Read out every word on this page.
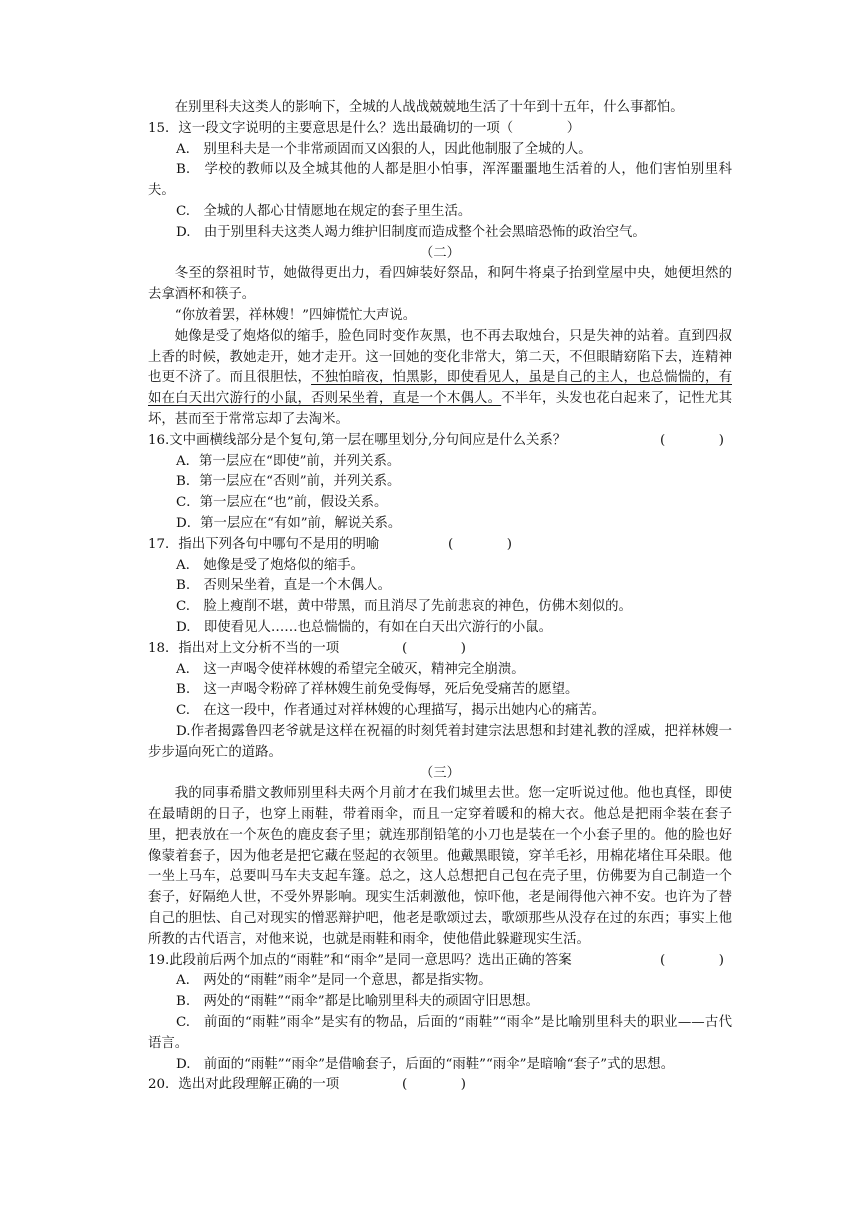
在别里科夫这类人的影响下，全城的人战战兢兢地生活了十年到十五年，什么事都怕。
15．这一段文字说明的主要意思是什么？选出最确切的一项（　　　　）
A.　别里科夫是一个非常顽固而又凶狠的人，因此他制服了全城的人。
B.　学校的教师以及全城其他的人都是胆小怕事，浑浑噩噩地生活着的人，他们害怕别里科夫。
C.　全城的人都心甘情愿地在规定的套子里生活。
D.　由于别里科夫这类人竭力维护旧制度而造成整个社会黑暗恐怖的政治空气。
（二）
冬至的祭祖时节，她做得更出力，看四婶装好祭品，和阿牛将桌子抬到堂屋中央，她便坦然的去拿酒杯和筷子。
“你放着罢，祥林嫂！”四婶慌忙大声说。
她像是受了炮烙似的缩手，脸色同时变作灰黑，也不再去取烛台，只是失神的站着。直到四叔上香的时候，教她走开，她才走开。这一回她的变化非常大，第二天，不但眼睛窈陷下去，连精神也更不济了。而且很胆怯，不独怕暗夜，怕黑影，即使看见人，虽是自己的主人，也总惴惴的，有如在白天出穴游行的小鼠，否则呆坐着，直是一个木偶人。不半年，头发也花白起来了，记性尤其坏，甚而至于常常忘却了去淘米。
16.文中画横线部分是个复句,第一层在哪里划分,分句间应是什么关系？	(　　　　)
A．第一层应在“即使”前，并列关系。
B．第一层应在“否则”前，并列关系。
C．第一层应在“也”前，假设关系。
D．第一层应在“有如”前，解说关系。
17．指出下列各句中哪句不是用的明喻	(　　　　)
A.　她像是受了炮烙似的缩手。
B.　否则呆坐着，直是一个木偶人。
C.　脸上瘦削不堪，黄中带黑，而且消尽了先前悲哀的神色，仿佛木刻似的。
D.　即使看见人……也总惴惴的，有如在白天出穴游行的小鼠。
18．指出对上文分析不当的一项	(　　　　)
A.　这一声喝令使祥林嫂的希望完全破灭，精神完全崩溃。
B.　这一声喝令粉碎了祥林嫂生前免受侮辱，死后免受痛苦的愿望。
C.　在这一段中，作者通过对祥林嫂的心理描写，揭示出她内心的痛苦。
D.作者揭露鲁四老爷就是这样在祝福的时刻凭着封建宗法思想和封建礼教的淫威，把祥林嫂一步步逼向死亡的道路。
（三）
我的同事希腊文教师别里科夫两个月前才在我们城里去世。您一定听说过他。他也真怪，即使在最晴朗的日子，也穿上雨鞋，带着雨伞，而且一定穿着暖和的棉大衣。他总是把雨伞装在套子里，把表放在一个灰色的鹿皮套子里；就连那削铅笔的小刀也是装在一个小套子里的。他的脸也好像蒙着套子，因为他老是把它藏在竖起的衣领里。他戴黑眼镜，穿羊毛衫，用棉花堵住耳朵眼。他一坐上马车，总要叫马车夫支起车篷。总之，这人总想把自己包在壳子里，仿佛要为自己制造一个套子，好隔绝人世，不受外界影响。现实生活刺激他，惊吓他，老是闹得他六神不安。也许为了替自己的胆怯、自己对现实的憎恶辩护吧，他老是歌颂过去，歌颂那些从没存在过的东西；事实上他所教的古代语言，对他来说，也就是雨鞋和雨伞，使他借此躲避现实生活。
19.此段前后两个加点的“雨鞋”和“雨伞”是同一意思吗？选出正确的答案	(　　　　)
A.　两处的“雨鞋”雨伞”是同一个意思，都是指实物。
B.　两处的“雨鞋”“雨伞”都是比喻别里科夫的顽固守旧思想。
C.　前面的“雨鞋”雨伞”是实有的物品，后面的“雨鞋”“雨伞”是比喻别里科夫的职业——古代语言。
D.　前面的“雨鞋”“雨伞”是借喻套子，后面的“雨鞋”“雨伞”是暗喻“套子”式的思想。
20．选出对此段理解正确的一项	(　　　　)
